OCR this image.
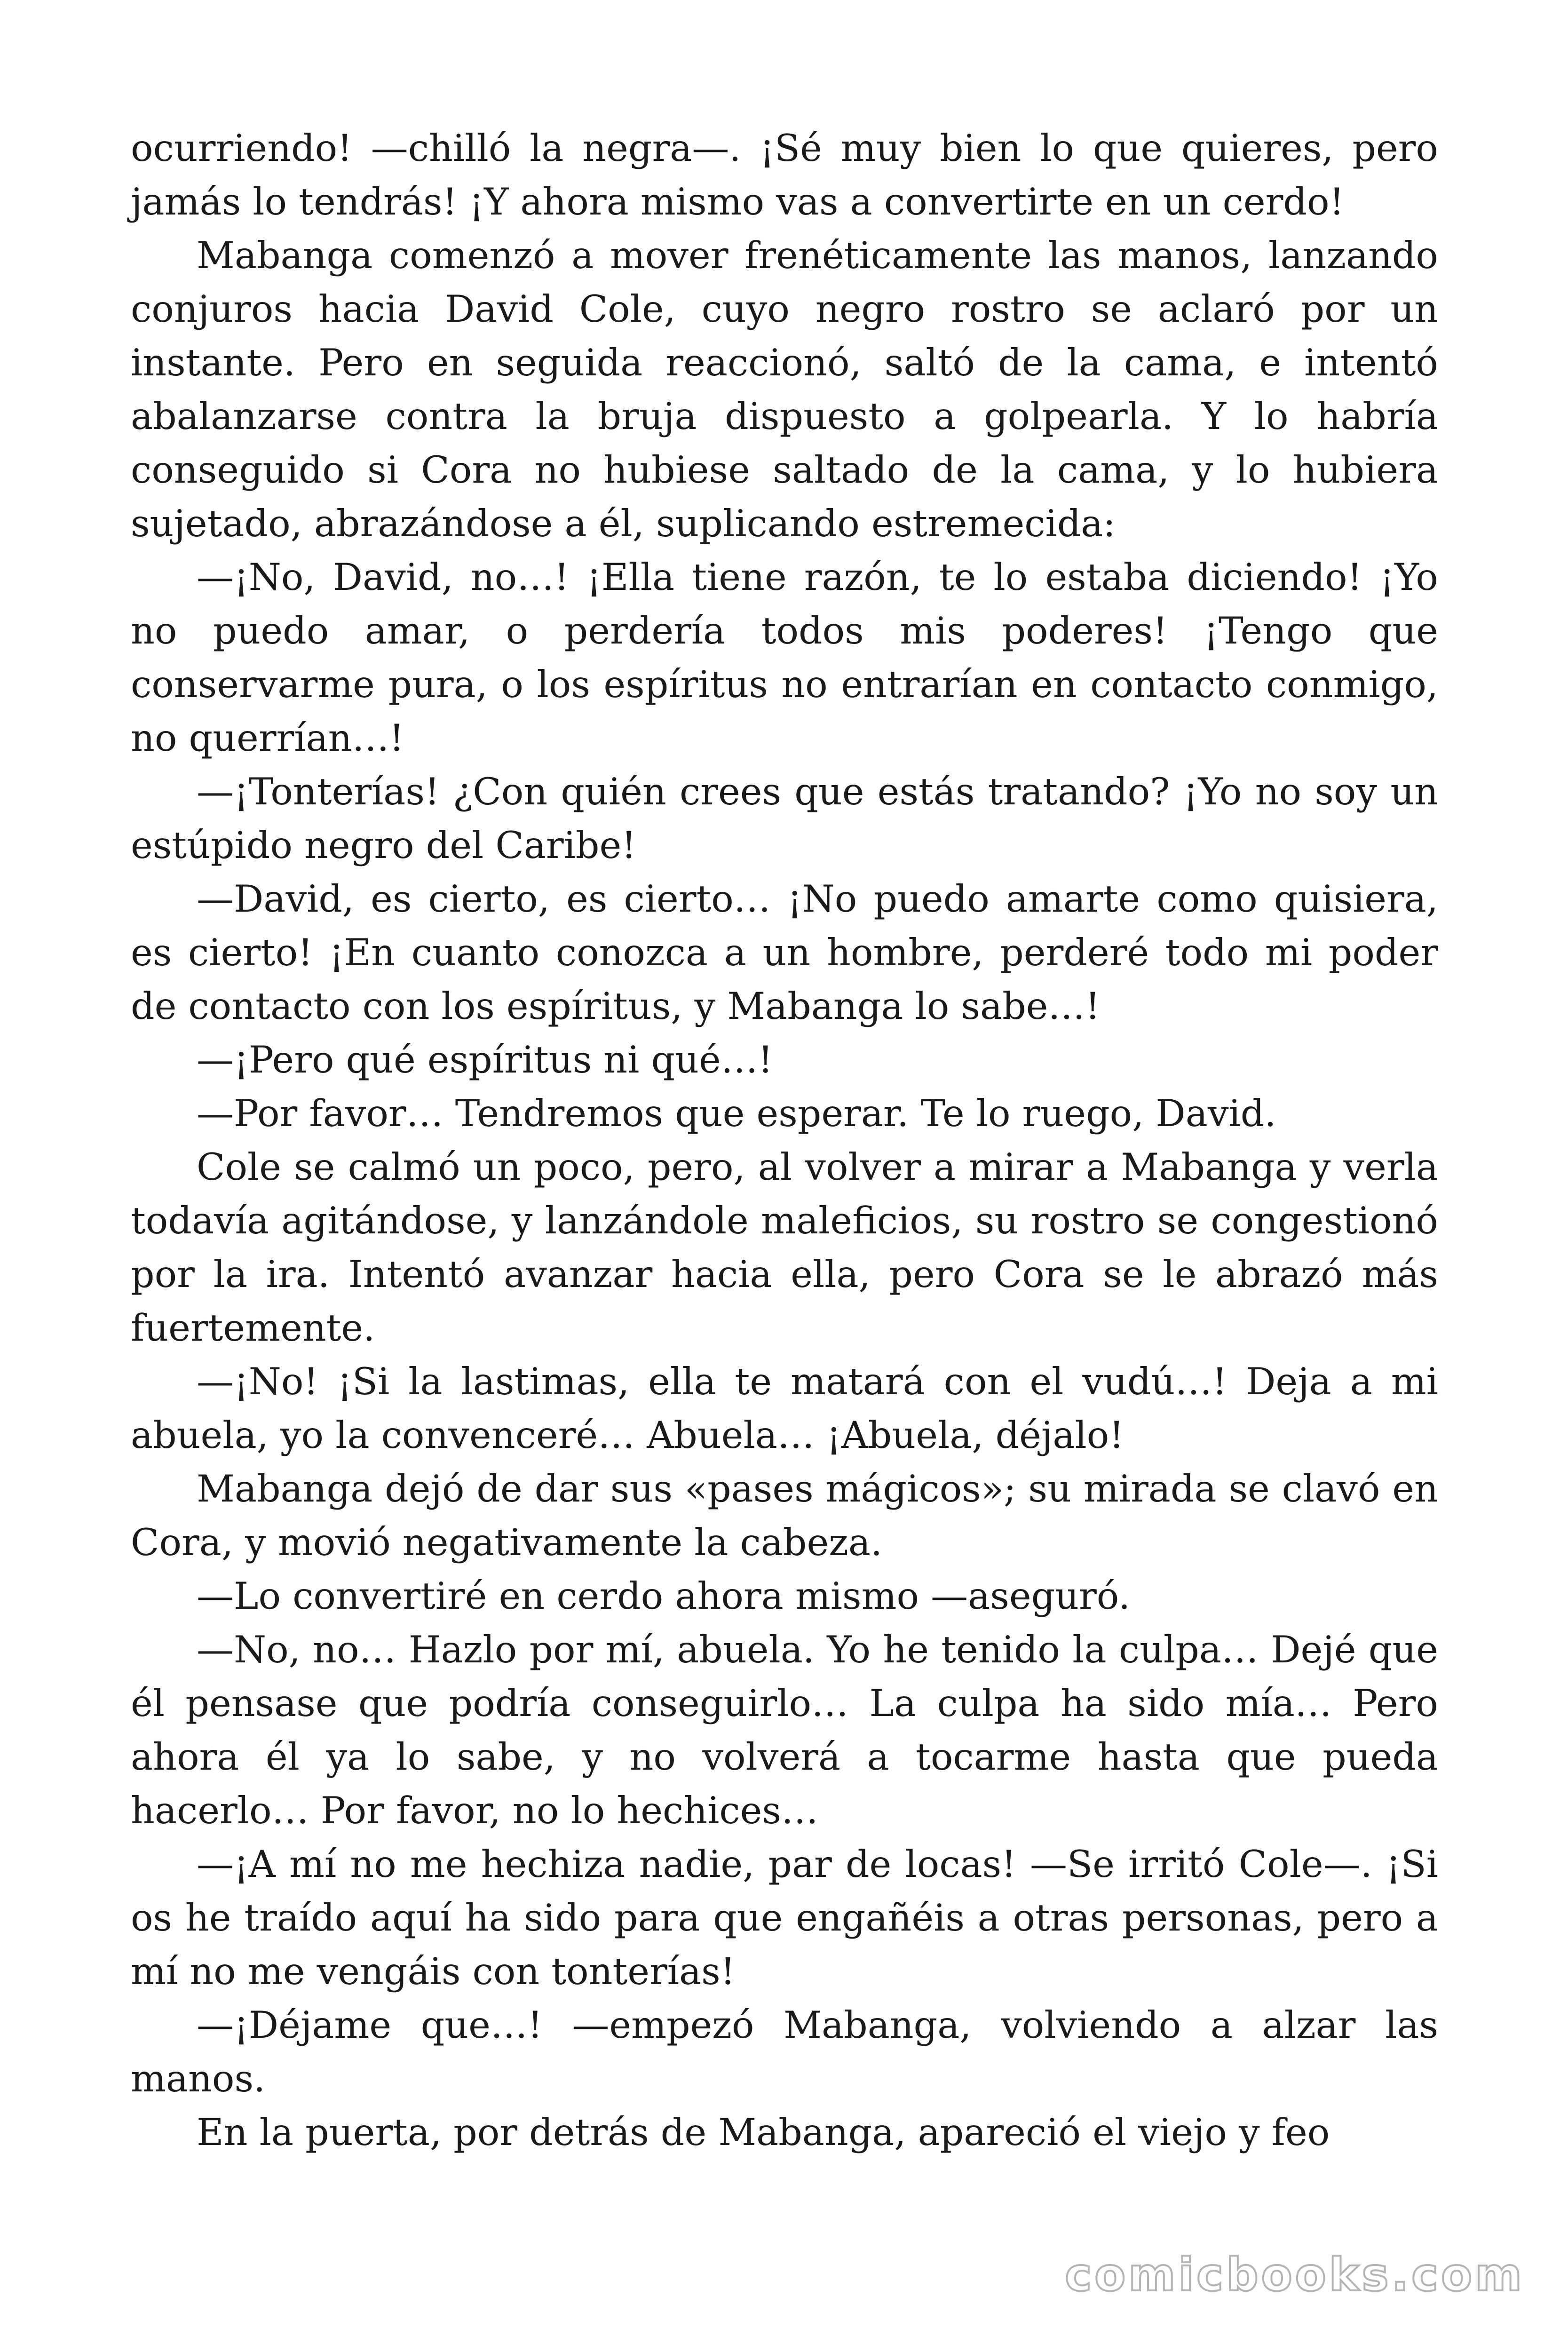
ocurriendo! —chilló la negra—. ¡Sé muy bien lo que quieres, pero jamás lo tendrás! ¡Y ahora mismo vas a convertirte en un cerdo!

Mabanga comenzó a mover frenéticamente las manos, lanzando conjuros hacia David Cole, cuyo negro rostro se aclaró por un instante. Pero en seguida reaccionó, saltó de la cama, e intentó abalanzarse contra la bruja dispuesto a golpearla. Y lo habría conseguido si Cora no hubiese saltado de la cama, y lo hubiera sujetado, abrazándose a él, suplicando estremecida:

—¡No, David, no…! ¡Ella tiene razón, te lo estaba diciendo! ¡Yo no puedo amar, o perdería todos mis poderes! ¡Tengo que conservarme pura, o los espíritus no entrarían en contacto conmigo, no querrían…!

—¡Tonterías! ¿Con quién crees que estás tratando? ¡Yo no soy un estúpido negro del Caribe!

—David, es cierto, es cierto… ¡No puedo amarte como quisiera, es cierto! ¡En cuanto conozca a un hombre, perderé todo mi poder de contacto con los espíritus, y Mabanga lo sabe…!

—¡Pero qué espíritus ni qué…!

—Por favor… Tendremos que esperar. Te lo ruego, David.

Cole se calmó un poco, pero, al volver a mirar a Mabanga y verla todavía agitándose, y lanzándole maleficios, su rostro se congestionó por la ira. Intentó avanzar hacia ella, pero Cora se le abrazó más fuertemente.

—¡No! ¡Si la lastimas, ella te matará con el vudú…! Deja a mi abuela, yo la convenceré… Abuela… ¡Abuela, déjalo!

Mabanga dejó de dar sus «pases mágicos»; su mirada se clavó en Cora, y movió negativamente la cabeza.

—Lo convertiré en cerdo ahora mismo —aseguró.

—No, no… Hazlo por mí, abuela. Yo he tenido la culpa… Dejé que él pensase que podría conseguirlo… La culpa ha sido mía… Pero ahora él ya lo sabe, y no volverá a tocarme hasta que pueda hacerlo… Por favor, no lo hechices…

—¡A mí no me hechiza nadie, par de locas! —Se irritó Cole—. ¡Si os he traído aquí ha sido para que engañéis a otras personas, pero a mí no me vengáis con tonterías!

—¡Déjame que…! —empezó Mabanga, volviendo a alzar las manos.

En la puerta, por detrás de Mabanga, apareció el viejo y feo

comicbooks.com
